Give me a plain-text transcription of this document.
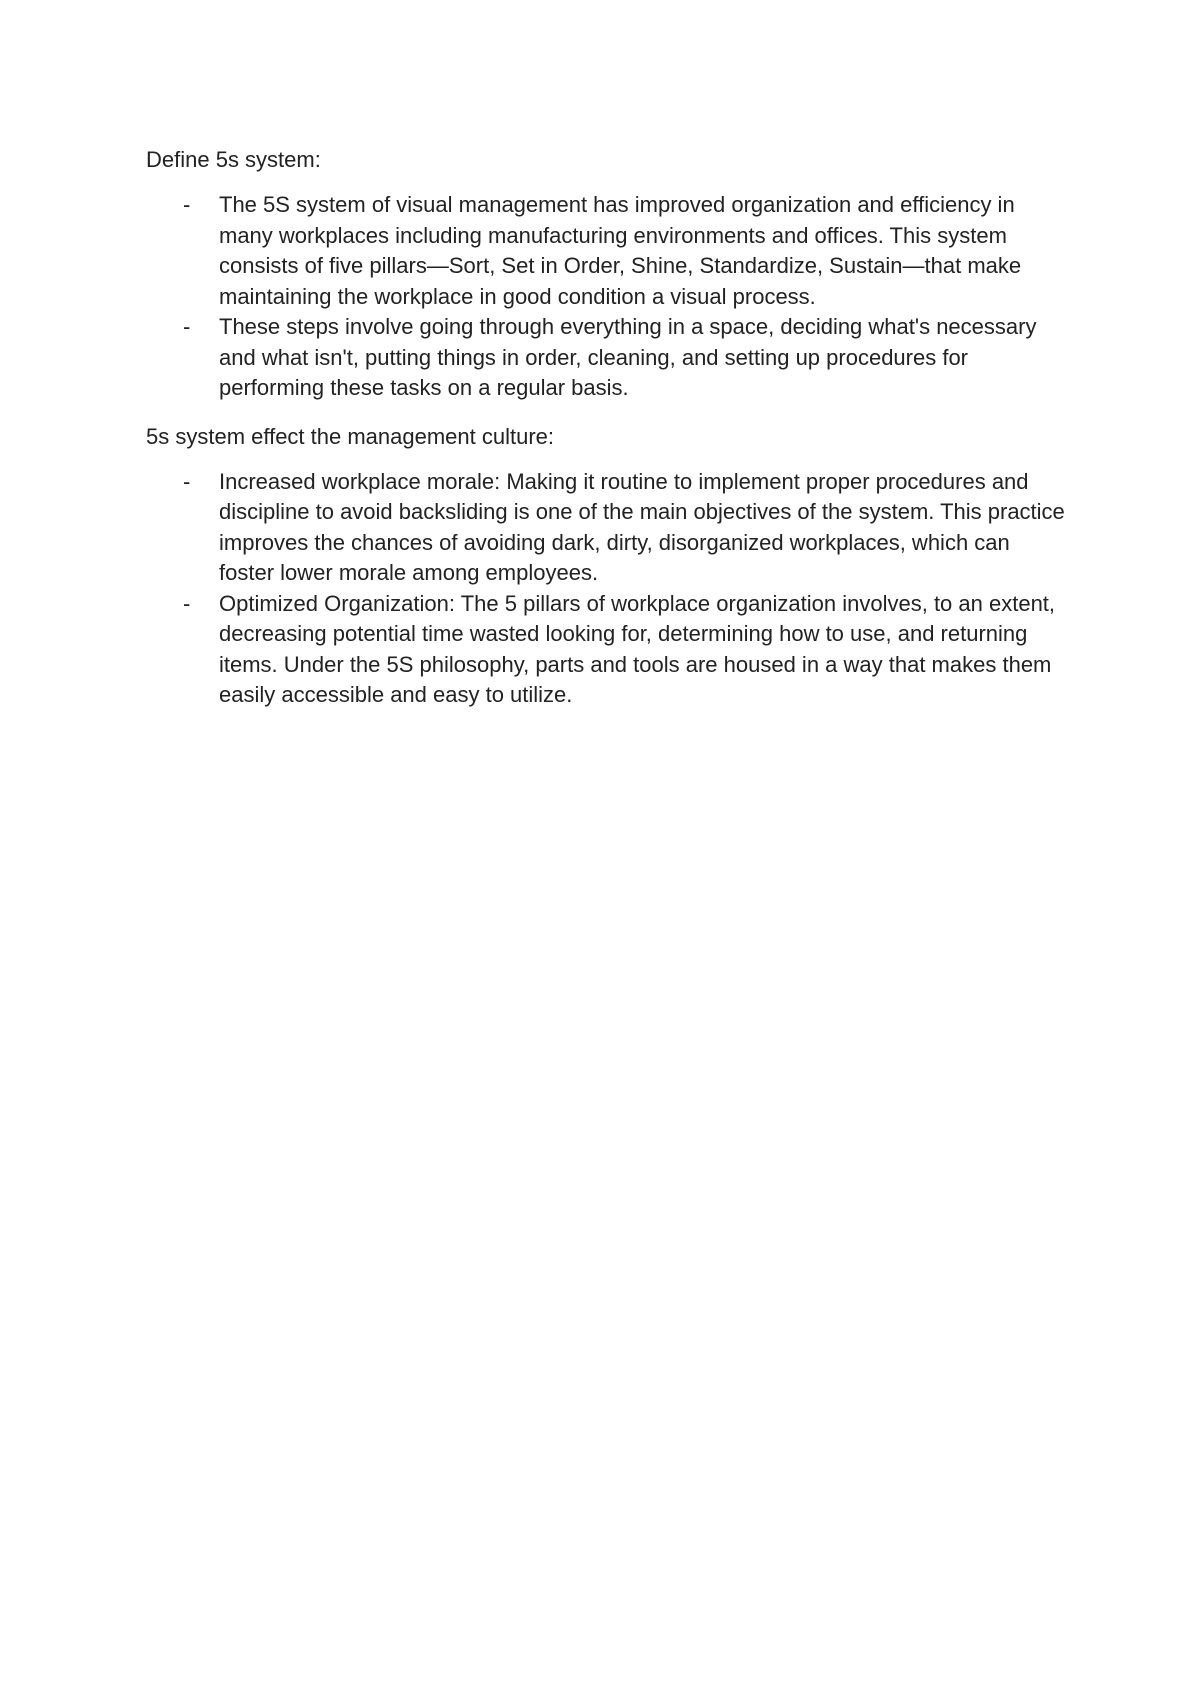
Define 5s system:

- The 5S system of visual management has improved organization and efficiency in many workplaces including manufacturing environments and offices. This system consists of five pillars—Sort, Set in Order, Shine, Standardize, Sustain—that make maintaining the workplace in good condition a visual process.
- These steps involve going through everything in a space, deciding what's necessary and what isn't, putting things in order, cleaning, and setting up procedures for performing these tasks on a regular basis.

5s system effect the management culture:

- Increased workplace morale: Making it routine to implement proper procedures and discipline to avoid backsliding is one of the main objectives of the system. This practice improves the chances of avoiding dark, dirty, disorganized workplaces, which can foster lower morale among employees.
- Optimized Organization: The 5 pillars of workplace organization involves, to an extent, decreasing potential time wasted looking for, determining how to use, and returning items. Under the 5S philosophy, parts and tools are housed in a way that makes them easily accessible and easy to utilize.
